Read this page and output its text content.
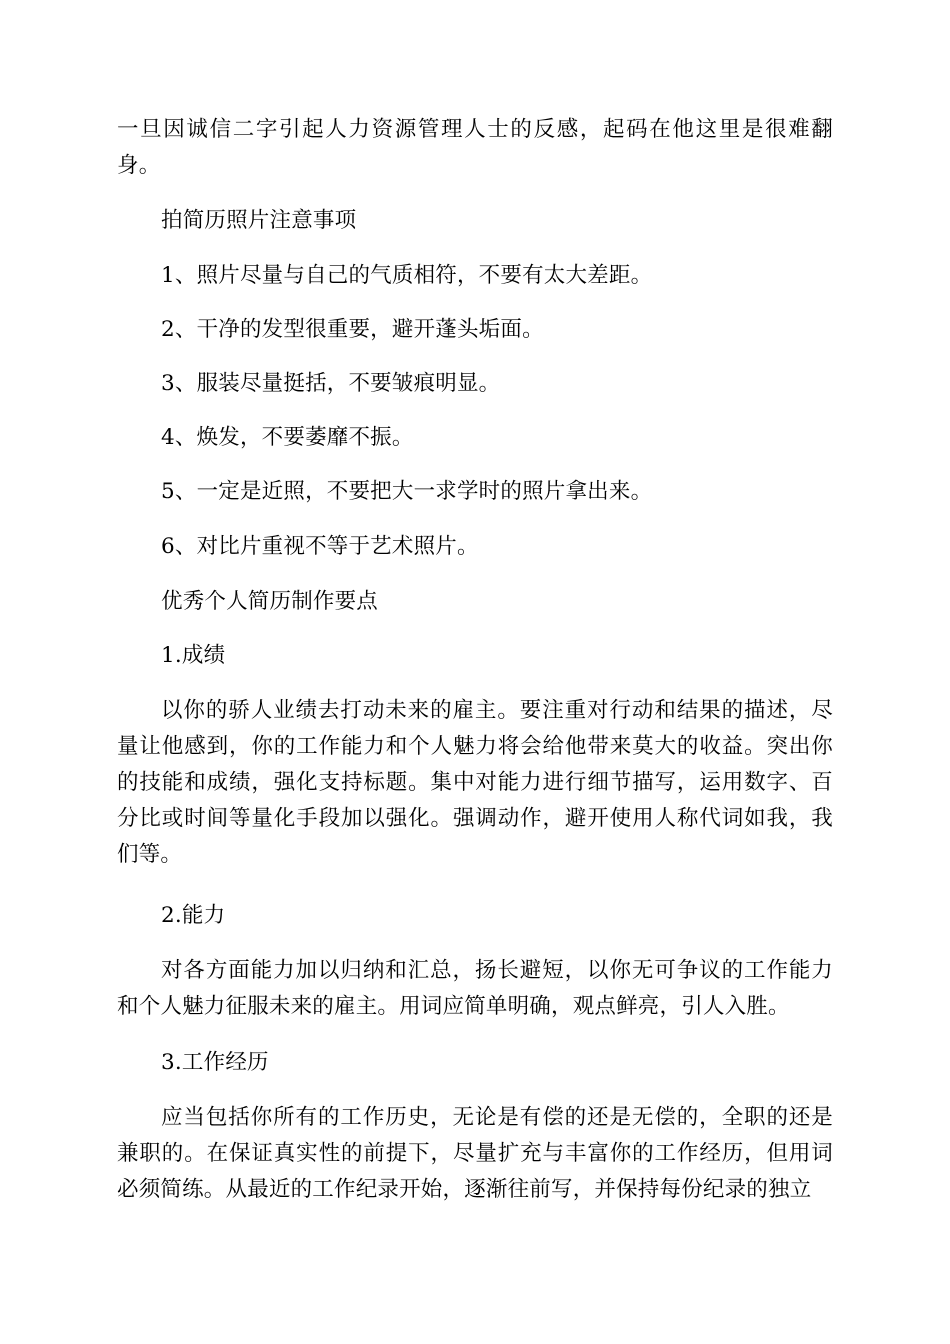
一旦因诚信二字引起人力资源管理人士的反感，起码在他这里是很难翻身。

拍简历照片注意事项

1、照片尽量与自己的气质相符，不要有太大差距。

2、干净的发型很重要，避开蓬头垢面。

3、服装尽量挺括，不要皱痕明显。

4、焕发，不要萎靡不振。

5、一定是近照，不要把大一求学时的照片拿出来。

6、对比片重视不等于艺术照片。

优秀个人简历制作要点

1.成绩

以你的骄人业绩去打动未来的雇主。要注重对行动和结果的描述，尽量让他感到，你的工作能力和个人魅力将会给他带来莫大的收益。突出你的技能和成绩，强化支持标题。集中对能力进行细节描写，运用数字、百分比或时间等量化手段加以强化。强调动作，避开使用人称代词如我，我们等。

2.能力

对各方面能力加以归纳和汇总，扬长避短，以你无可争议的工作能力和个人魅力征服未来的雇主。用词应简单明确，观点鲜亮，引人入胜。

3.工作经历

应当包括你所有的工作历史，无论是有偿的还是无偿的，全职的还是兼职的。在保证真实性的前提下，尽量扩充与丰富你的工作经历，但用词必须简练。从最近的工作纪录开始，逐渐往前写，并保持每份纪录的独立
